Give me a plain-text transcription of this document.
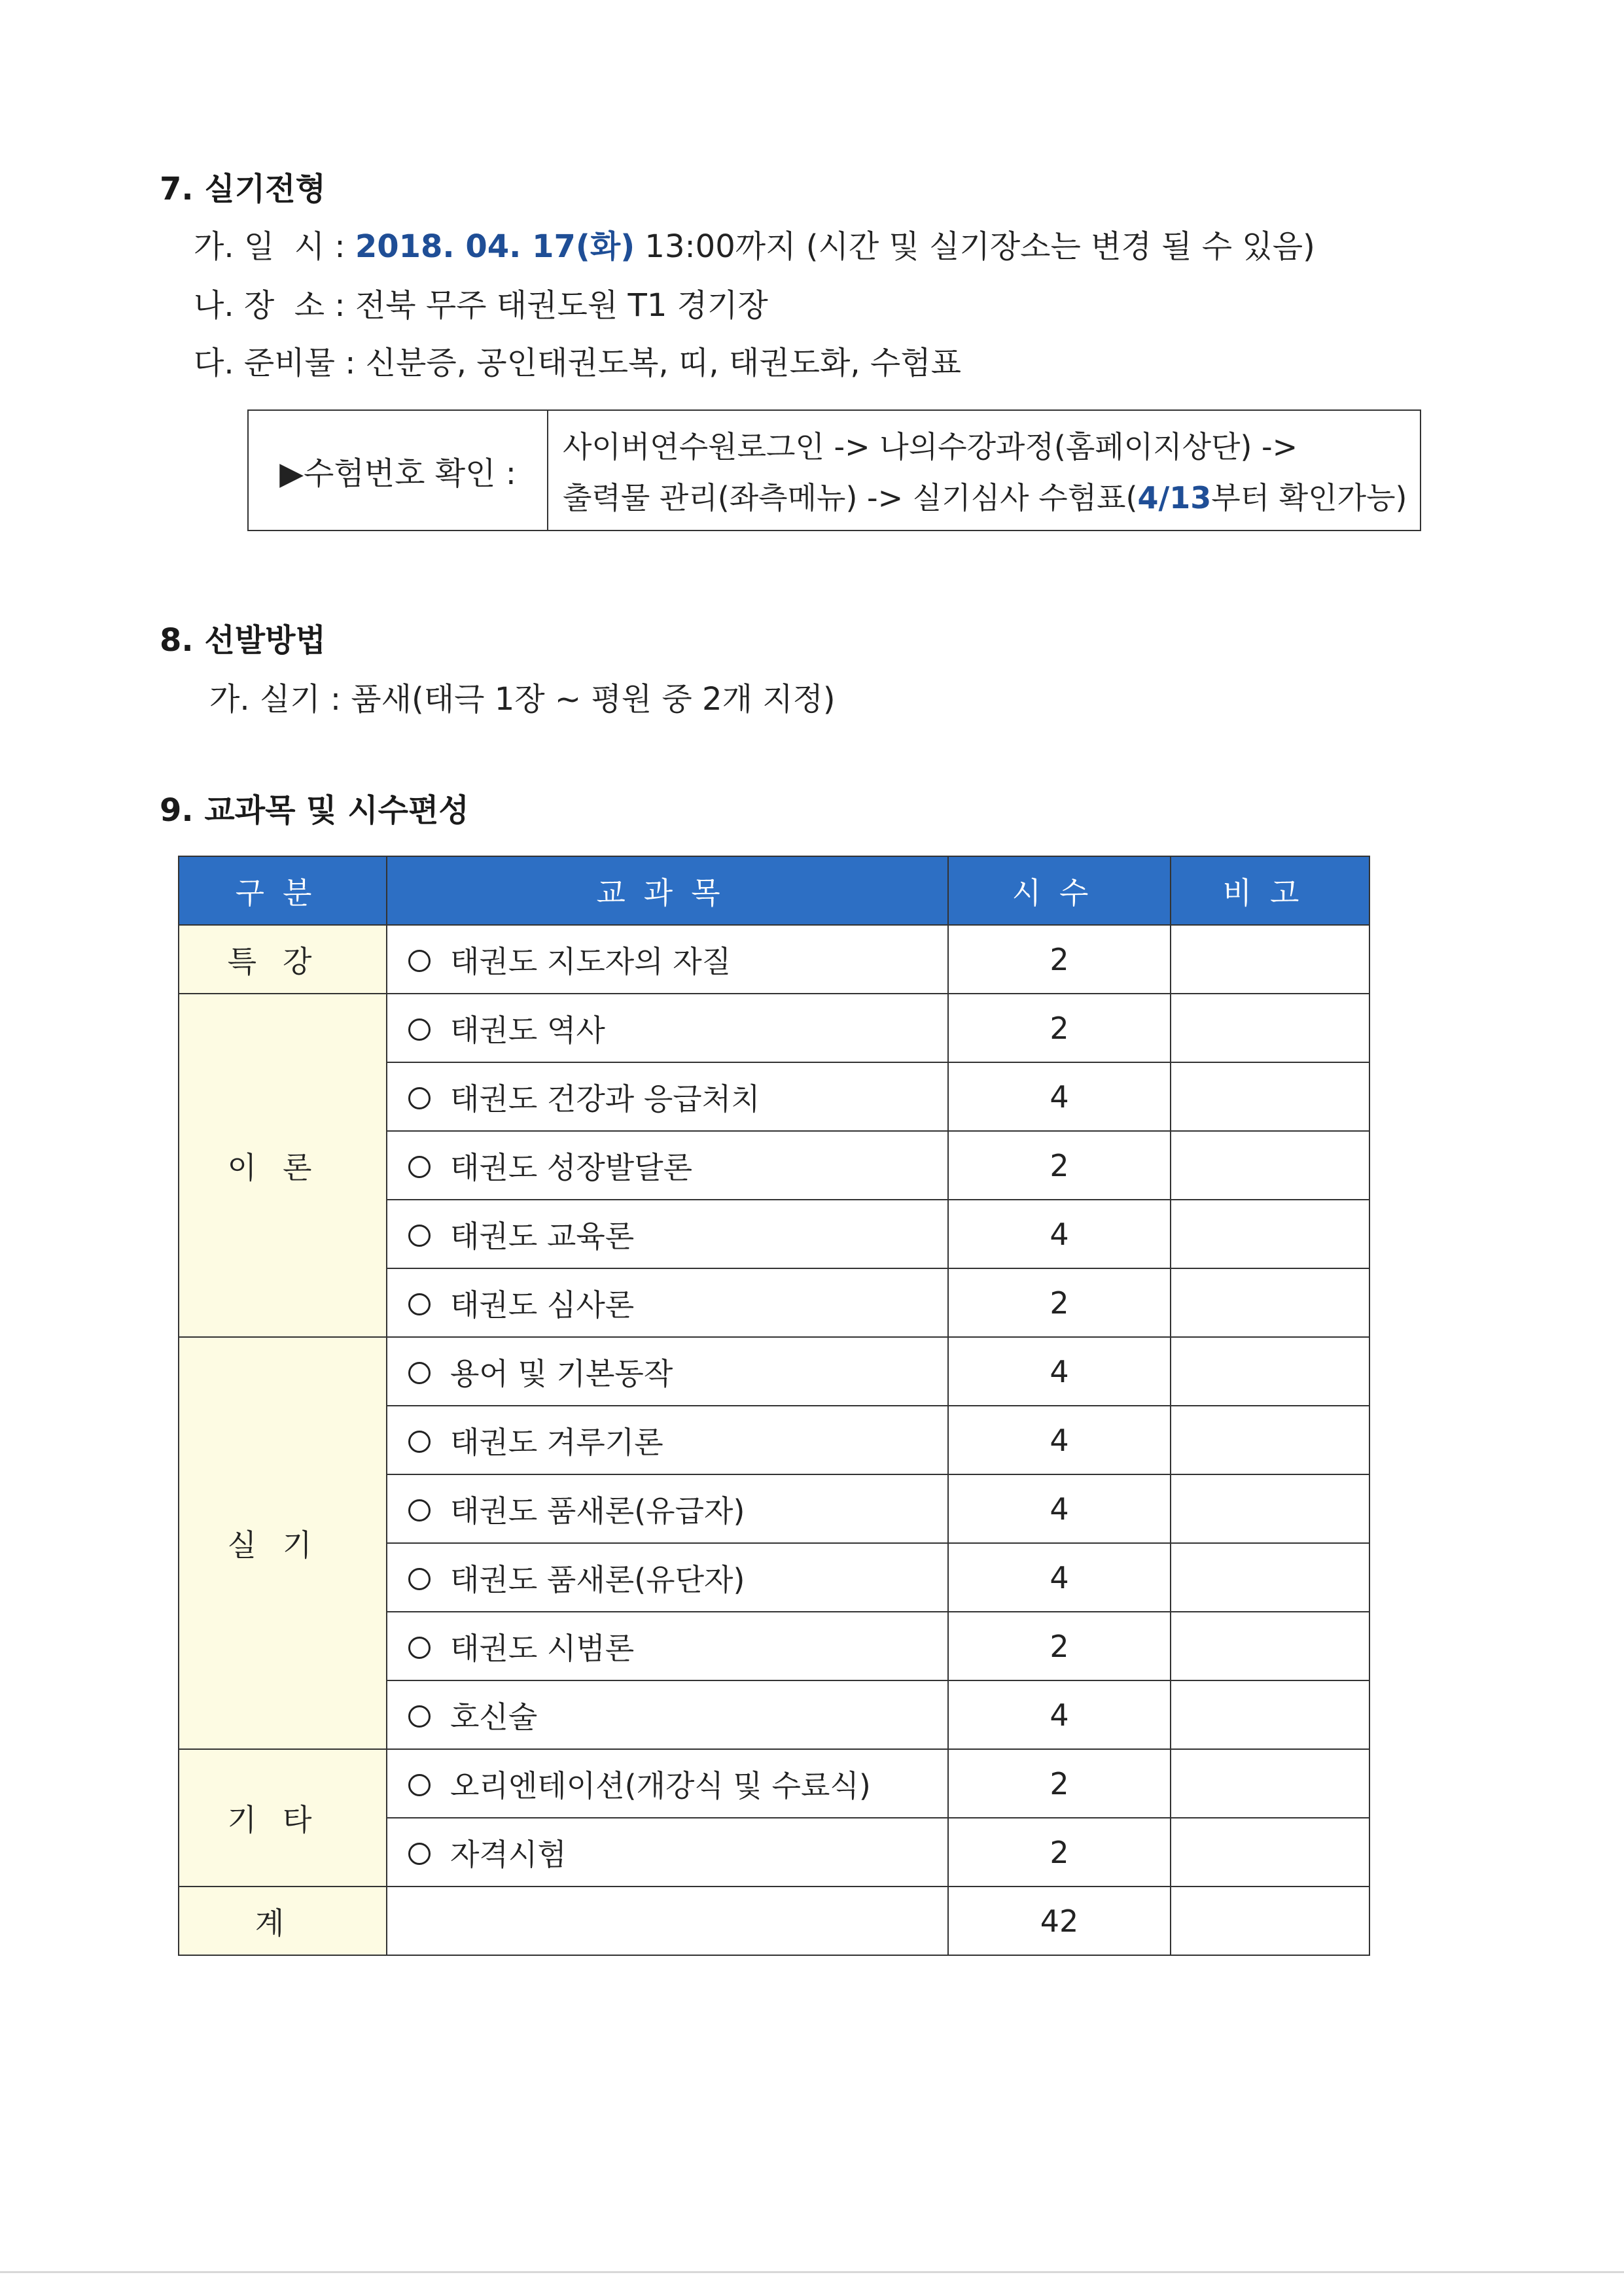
7. 실기전형
가. 일  시 : 2018. 04. 17(화) 13:00까지 (시간 및 실기장소는 변경 될 수 있음)
나. 장  소 : 전북 무주 태권도원 T1 경기장
다. 준비물 : 신분증, 공인태권도복, 띠, 태권도화, 수험표
▶수험번호 확인 :
사이버연수원로그인 -> 나의수강과정(홈페이지상단) ->
출력물 관리(좌측메뉴) -> 실기심사 수험표(4/13부터 확인가능)
8. 선발방법
가. 실기 : 품새(태극 1장 ~ 평원 중 2개 지정)
9. 교과목 및 시수편성
구분	교과목	시수	비고
특강	태권도 지도자의 자질	2	
이론	태권도 역사	2	
	태권도 건강과 응급처치	4	
	태권도 성장발달론	2	
	태권도 교육론	4	
	태권도 심사론	2	
실기	용어 및 기본동작	4	
	태권도 겨루기론	4	
	태권도 품새론(유급자)	4	
	태권도 품새론(유단자)	4	
	태권도 시범론	2	
	호신술	4	
기타	오리엔테이션(개강식 및 수료식)	2	
	자격시험	2	
계		42	
